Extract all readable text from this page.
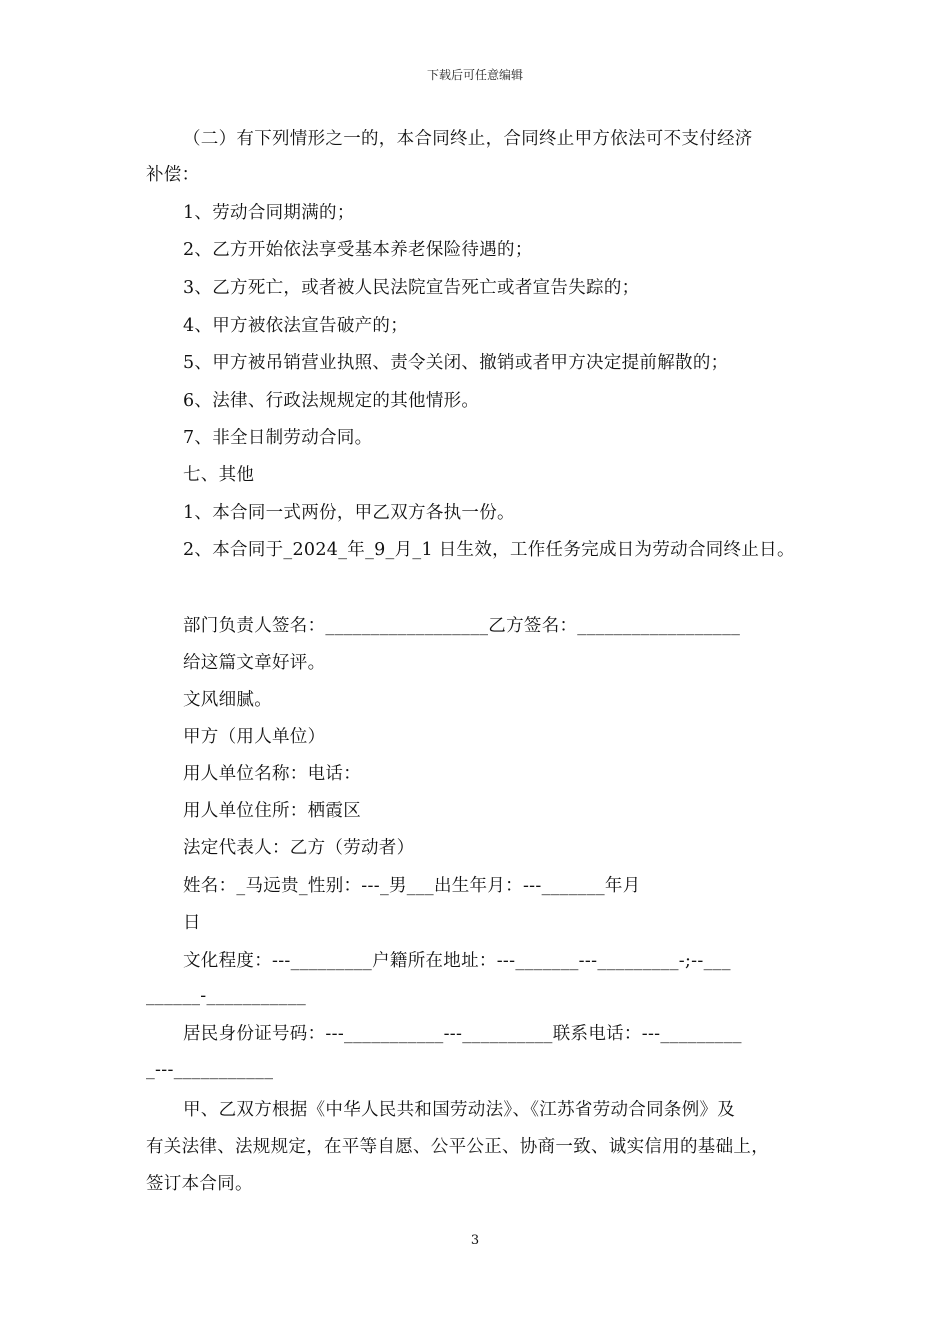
下载后可任意编辑
（二）有下列情形之一的，本合同终止，合同终止甲方依法可不支付经济
补偿：
1、劳动合同期满的；
2、乙方开始依法享受基本养老保险待遇的；
3、乙方死亡，或者被人民法院宣告死亡或者宣告失踪的；
4、甲方被依法宣告破产的；
5、甲方被吊销营业执照、责令关闭、撤销或者甲方决定提前解散的；
6、法律、行政法规规定的其他情形。
7、非全日制劳动合同。
七、其他
1、本合同一式两份，甲乙双方各执一份。
2、本合同于_2024_年_9_月_1 日生效，工作任务完成日为劳动合同终止日。
部门负责人签名：__________________乙方签名：__________________
给这篇文章好评。
文风细腻。
甲方（用人单位）
用人单位名称：电话：
用人单位住所：栖霞区
法定代表人：乙方（劳动者）
姓名：_马远贵_性别：---_男___出生年月：---_______年月
日
文化程度：---_________户籍所在地址：---_______---_________-;--___
______-___________
居民身份证号码：---___________---__________联系电话：---_________
_---___________
甲、乙双方根据《中华人民共和国劳动法》、《江苏省劳动合同条例》及
有关法律、法规规定，在平等自愿、公平公正、协商一致、诚实信用的基础上，
签订本合同。
3
